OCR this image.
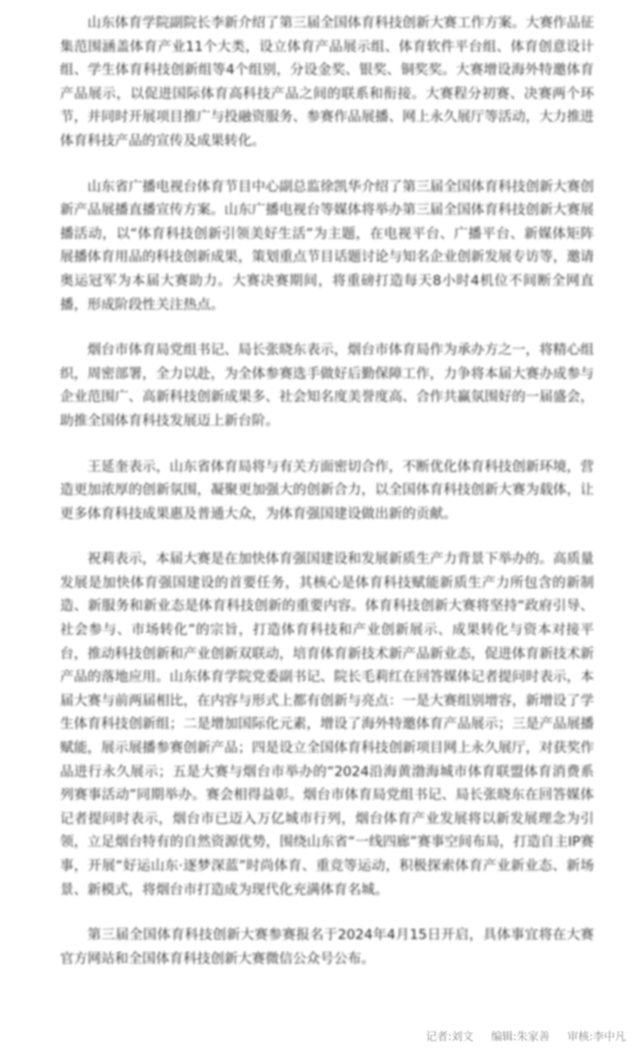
山东体育学院副院长李新介绍了第三届全国体育科技创新大赛工作方案。大赛作品征集范围涵盖体育产业11个大类，设立体育产品展示组、体育软件平台组、体育创意设计组、学生体育科技创新组等4个组别，分设金奖、银奖、铜奖奖。大赛增设海外特邀体育产品展示，以促进国际体育高科技产品之间的联系和衔接。大赛程分初赛、决赛两个环节，并同时开展项目推广与投融资服务、参赛作品展播、网上永久展厅等活动，大力推进体育科技产品的宣传及成果转化。

山东省广播电视台体育节目中心副总监徐凯华介绍了第三届全国体育科技创新大赛创新产品展播直播宣传方案。山东广播电视台等媒体将举办第三届全国体育科技创新大赛展播活动，以“体育科技创新引领美好生活”为主题，在电视平台、广播平台、新媒体矩阵展播体育用品的科技创新成果，策划重点节目话题讨论与知名企业创新发展专访等，邀请奥运冠军为本届大赛助力。大赛决赛期间，将重磅打造每天8小时4机位不间断全网直播，形成阶段性关注热点。

烟台市体育局党组书记、局长张晓东表示，烟台市体育局作为承办方之一，将精心组织，周密部署，全力以赴，为全体参赛选手做好后勤保障工作，力争将本届大赛办成参与企业范围广、高新科技创新成果多、社会知名度美誉度高、合作共赢氛围好的一届盛会，助推全国体育科技发展迈上新台阶。

王延奎表示，山东省体育局将与有关方面密切合作，不断优化体育科技创新环境，营造更加浓厚的创新氛围，凝聚更加强大的创新合力，以全国体育科技创新大赛为载体，让更多体育科技成果惠及普通大众，为体育强国建设做出新的贡献。

祝莉表示，本届大赛是在加快体育强国建设和发展新质生产力背景下举办的。高质量发展是加快体育强国建设的首要任务，其核心是体育科技赋能新质生产力所包含的新制造、新服务和新业态是体育科技创新的重要内容。体育科技创新大赛将坚持“政府引导、社会参与、市场转化”的宗旨，打造体育科技和产业创新展示、成果转化与资本对接平台，推动科技创新和产业创新双联动，培育体育新技术新产品新业态，促进体育新技术新产品的落地应用。山东体育学院党委副书记、院长毛莉红在回答媒体记者提问时表示，本届大赛与前两届相比，在内容与形式上都有创新与亮点：一是大赛组别增容，新增设了学生体育科技创新组；二是增加国际化元素，增设了海外特邀体育产品展示；三是产品展播赋能，展示展播参赛创新产品；四是设立全国体育科技创新项目网上永久展厅，对获奖作品进行永久展示；五是大赛与烟台市举办的“2024沿海黄渤海城市体育联盟体育消费系列赛事活动”同期举办。赛会相得益彰。烟台市体育局党组书记、局长张晓东在回答媒体记者提问时表示，烟台市已迈入万亿城市行列，烟台体育产业发展将以新发展理念为引领，立足烟台特有的自然资源优势，围绕山东省“一线四廊”赛事空间布局，打造自主IP赛事，开展“好运山东·逐梦深蓝”时尚体育、重竞等运动，积极探索体育产业新业态、新场景、新模式，将烟台市打造成为现代化充满体育名城。

第三届全国体育科技创新大赛参赛报名于2024年4月15日开启，具体事宜将在大赛官方网站和全国体育科技创新大赛微信公众号公布。

记者:刘文 编辑:朱家善 审核:李中凡
